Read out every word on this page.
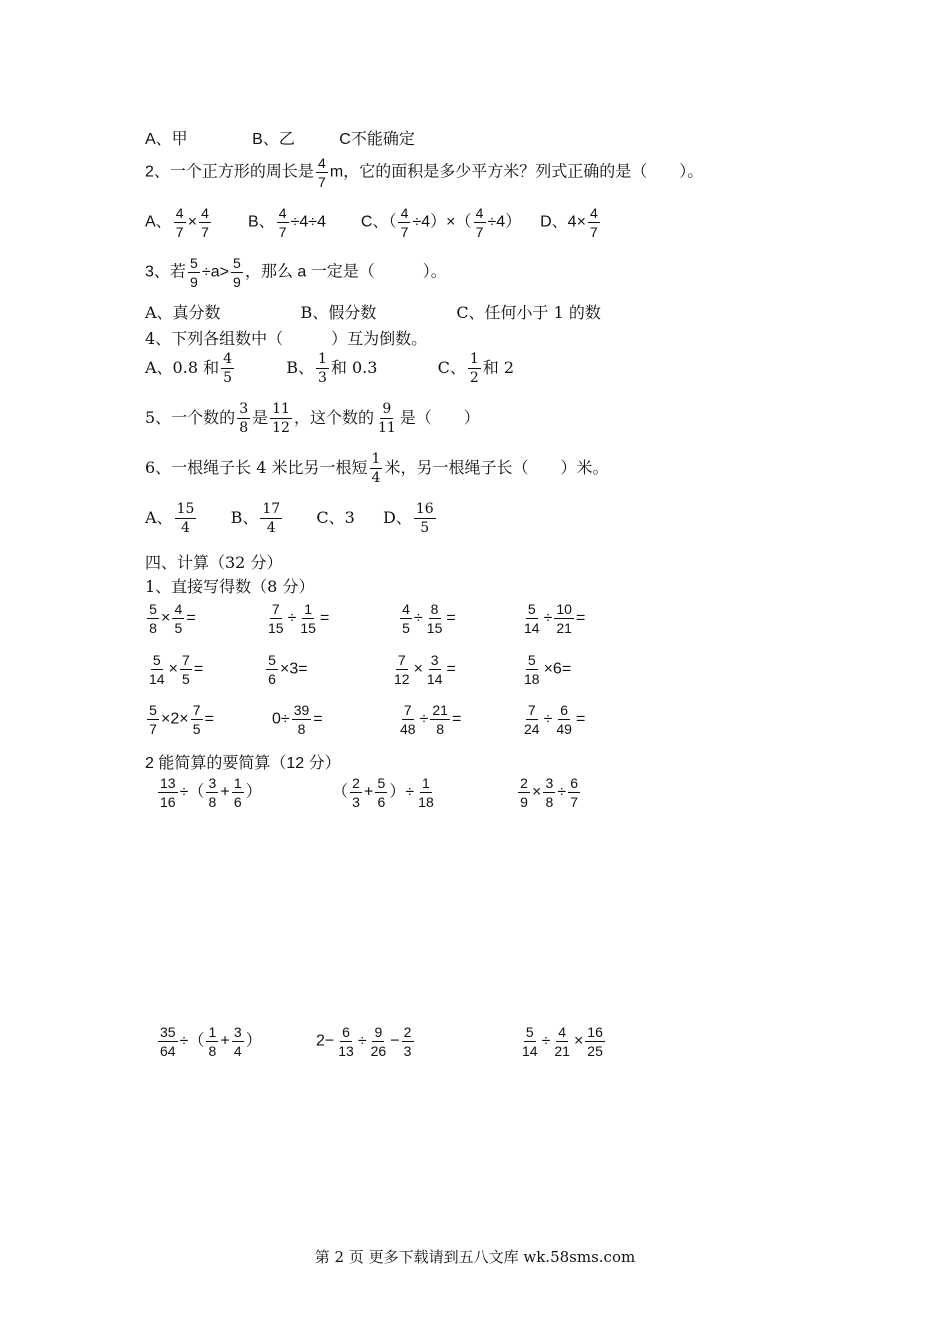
A、甲	B、乙	C不能确定
2、一个正方形的周长是 $\frac{4}{7}$ m，它的面积是多少平方米？列式正确的是（　　）。
A、 $\frac{4}{7} \times \frac{4}{7}$ B、 $\frac{4}{7} \div 4\div 4$ C、（ $\frac{4}{7} \div 4)\times( \frac{4}{7} \div 4)$ D、$4\times \frac{4}{7}$
3、若 $\frac{5}{9} \div a> \frac{5}{9}$ ，那么 a 一定是（　　　）。
A、真分数　　　　　B、假分数　　　　　C、任何小于 1 的数
4、下列各组数中（　　　）互为倒数。
A、0.8 和 $\frac{4}{5}$	B、 $\frac{1}{3}$ 和 0.3	C、 $\frac{1}{2}$ 和 2
5、一个数的 $\frac{3}{8}$ 是 $\frac{11}{12}$ ，这个数的 $\frac{9}{11}$ 是（　　）
6、一根绳子长 4 米比另一根短 $\frac{1}{4}$ 米，另一根绳子长（　　）米。
A、 $\frac{15}{4}$ B、 $\frac{17}{4}$ C、3 D、 $\frac{16}{5}$
四、计算（32 分）
1、直接写得数（8 分）
$\frac{5}{8} \times \frac{4}{5}$ =	$\frac{7}{15} \div \frac{1}{15}$ =	$\frac{4}{5} \div \frac{8}{15}$ =	$\frac{5}{14} \div \frac{10}{21}$ =
$\frac{5}{14} \times \frac{7}{5}$ =	$\frac{5}{6} \times 3=$	$\frac{7}{12} \times \frac{3}{14}$ =	$\frac{5}{18} \times 6=$
$\frac{5}{7} \times 2\times \frac{7}{5}$ =	$0\div \frac{39}{8}$ =	$\frac{7}{48} \div \frac{21}{8}$ =	$\frac{7}{24} \div \frac{6}{49}$ =
2 能简算的要简算（12 分）
$\frac{13}{16}$ ÷（ $\frac{3}{8} + \frac{1}{6}$ ）	（ $\frac{2}{3} + \frac{5}{6}$ ）÷ $\frac{1}{18}$	$\frac{2}{9} \times \frac{3}{8} \div \frac{6}{7}$
$\frac{35}{64}$ ÷（ $\frac{1}{8} + \frac{3}{4}$ ）	$2- \frac{6}{13} \div \frac{9}{26} - \frac{2}{3}$	$\frac{5}{14} \div \frac{4}{21} \times \frac{16}{25}$
第 2 页 更多下载请到五八文库 wk.58sms.com
